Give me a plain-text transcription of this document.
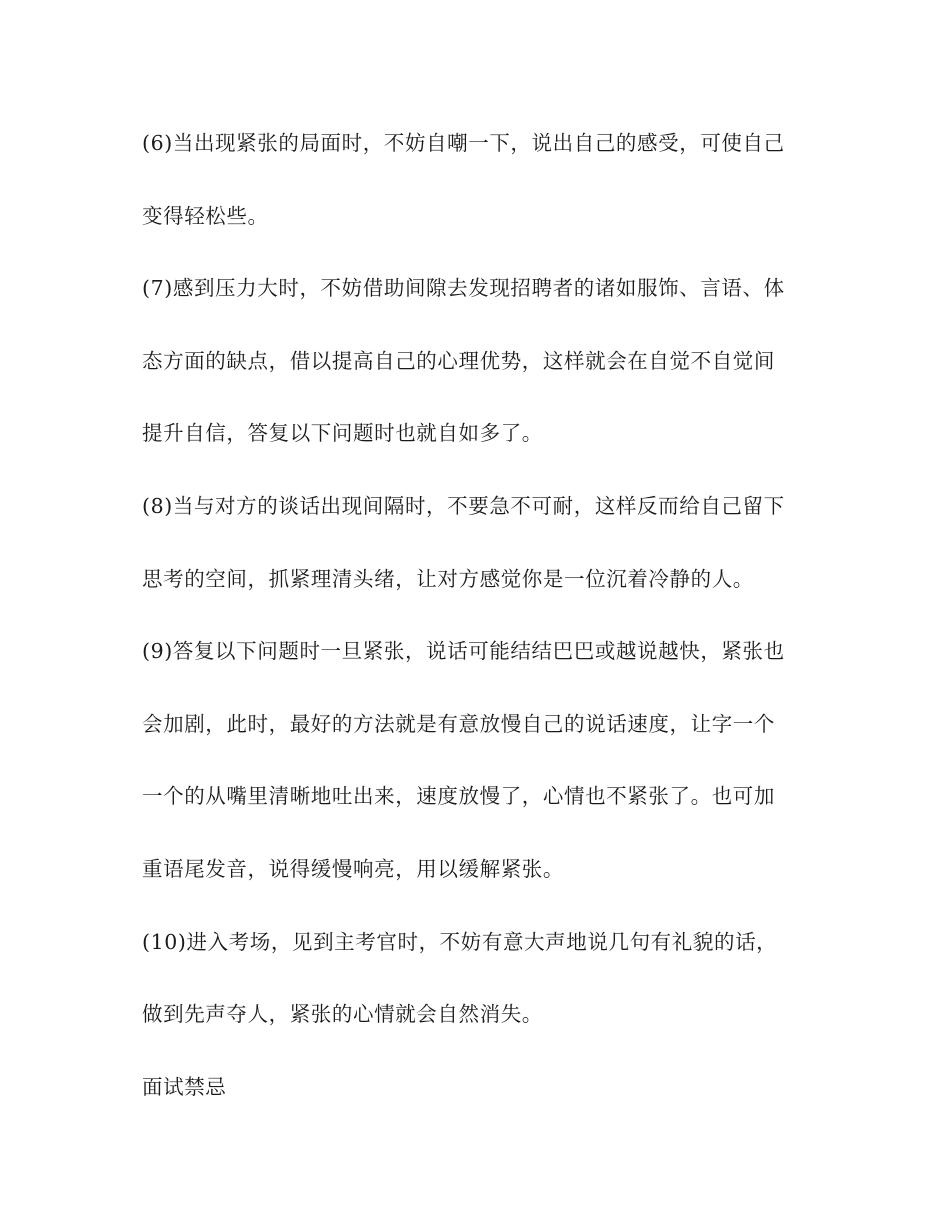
(6)当出现紧张的局面时，不妨自嘲一下，说出自己的感受，可使自己
变得轻松些。
(7)感到压力大时，不妨借助间隙去发现招聘者的诸如服饰、言语、体
态方面的缺点，借以提高自己的心理优势，这样就会在自觉不自觉间
提升自信，答复以下问题时也就自如多了。
(8)当与对方的谈话出现间隔时，不要急不可耐，这样反而给自己留下
思考的空间，抓紧理清头绪，让对方感觉你是一位沉着冷静的人。
(9)答复以下问题时一旦紧张，说话可能结结巴巴或越说越快，紧张也
会加剧，此时，最好的方法就是有意放慢自己的说话速度，让字一个
一个的从嘴里清晰地吐出来，速度放慢了，心情也不紧张了。也可加
重语尾发音，说得缓慢响亮，用以缓解紧张。
(10)进入考场，见到主考官时，不妨有意大声地说几句有礼貌的话，
做到先声夺人，紧张的心情就会自然消失。
面试禁忌
